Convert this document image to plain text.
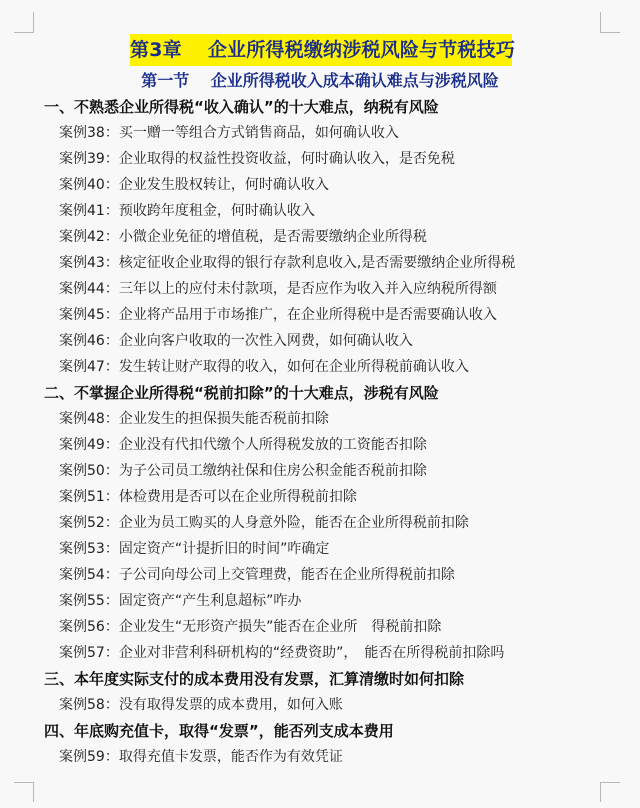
第3章　 企业所得税缴纳涉税风险与节税技巧
第一节　 企业所得税收入成本确认难点与涉税风险
一、不熟悉企业所得税“收入确认”的十大难点，纳税有风险
案例38：买一赠一等组合方式销售商品，如何确认收入
案例39：企业取得的权益性投资收益，何时确认收入，是否免税
案例40：企业发生股权转让，何时确认收入
案例41：预收跨年度租金，何时确认收入
案例42：小微企业免征的增值税，是否需要缴纳企业所得税
案例43：核定征收企业取得的银行存款利息收入,是否需要缴纳企业所得税
案例44：三年以上的应付未付款项，是否应作为收入并入应纳税所得额
案例45：企业将产品用于市场推广，在企业所得税中是否需要确认收入
案例46：企业向客户收取的一次性入网费，如何确认收入
案例47：发生转让财产取得的收入，如何在企业所得税前确认收入
二、不掌握企业所得税“税前扣除”的十大难点，涉税有风险
案例48：企业发生的担保损失能否税前扣除
案例49：企业没有代扣代缴个人所得税发放的工资能否扣除
案例50：为子公司员工缴纳社保和住房公积金能否税前扣除
案例51：体检费用是否可以在企业所得税前扣除
案例52：企业为员工购买的人身意外险，能否在企业所得税前扣除
案例53：固定资产“计提折旧的时间”咋确定
案例54：子公司向母公司上交管理费，能否在企业所得税前扣除
案例55：固定资产“产生利息超标”咋办
案例56：企业发生“无形资产损失”能否在企业所　得税前扣除
案例57：企业对非营利科研机构的“经费资助”，　能否在所得税前扣除吗
三、本年度实际支付的成本费用没有发票，汇算清缴时如何扣除
案例58：没有取得发票的成本费用，如何入账
四、年底购充值卡，取得“发票”，能否列支成本费用
案例59：取得充值卡发票，能否作为有效凭证
